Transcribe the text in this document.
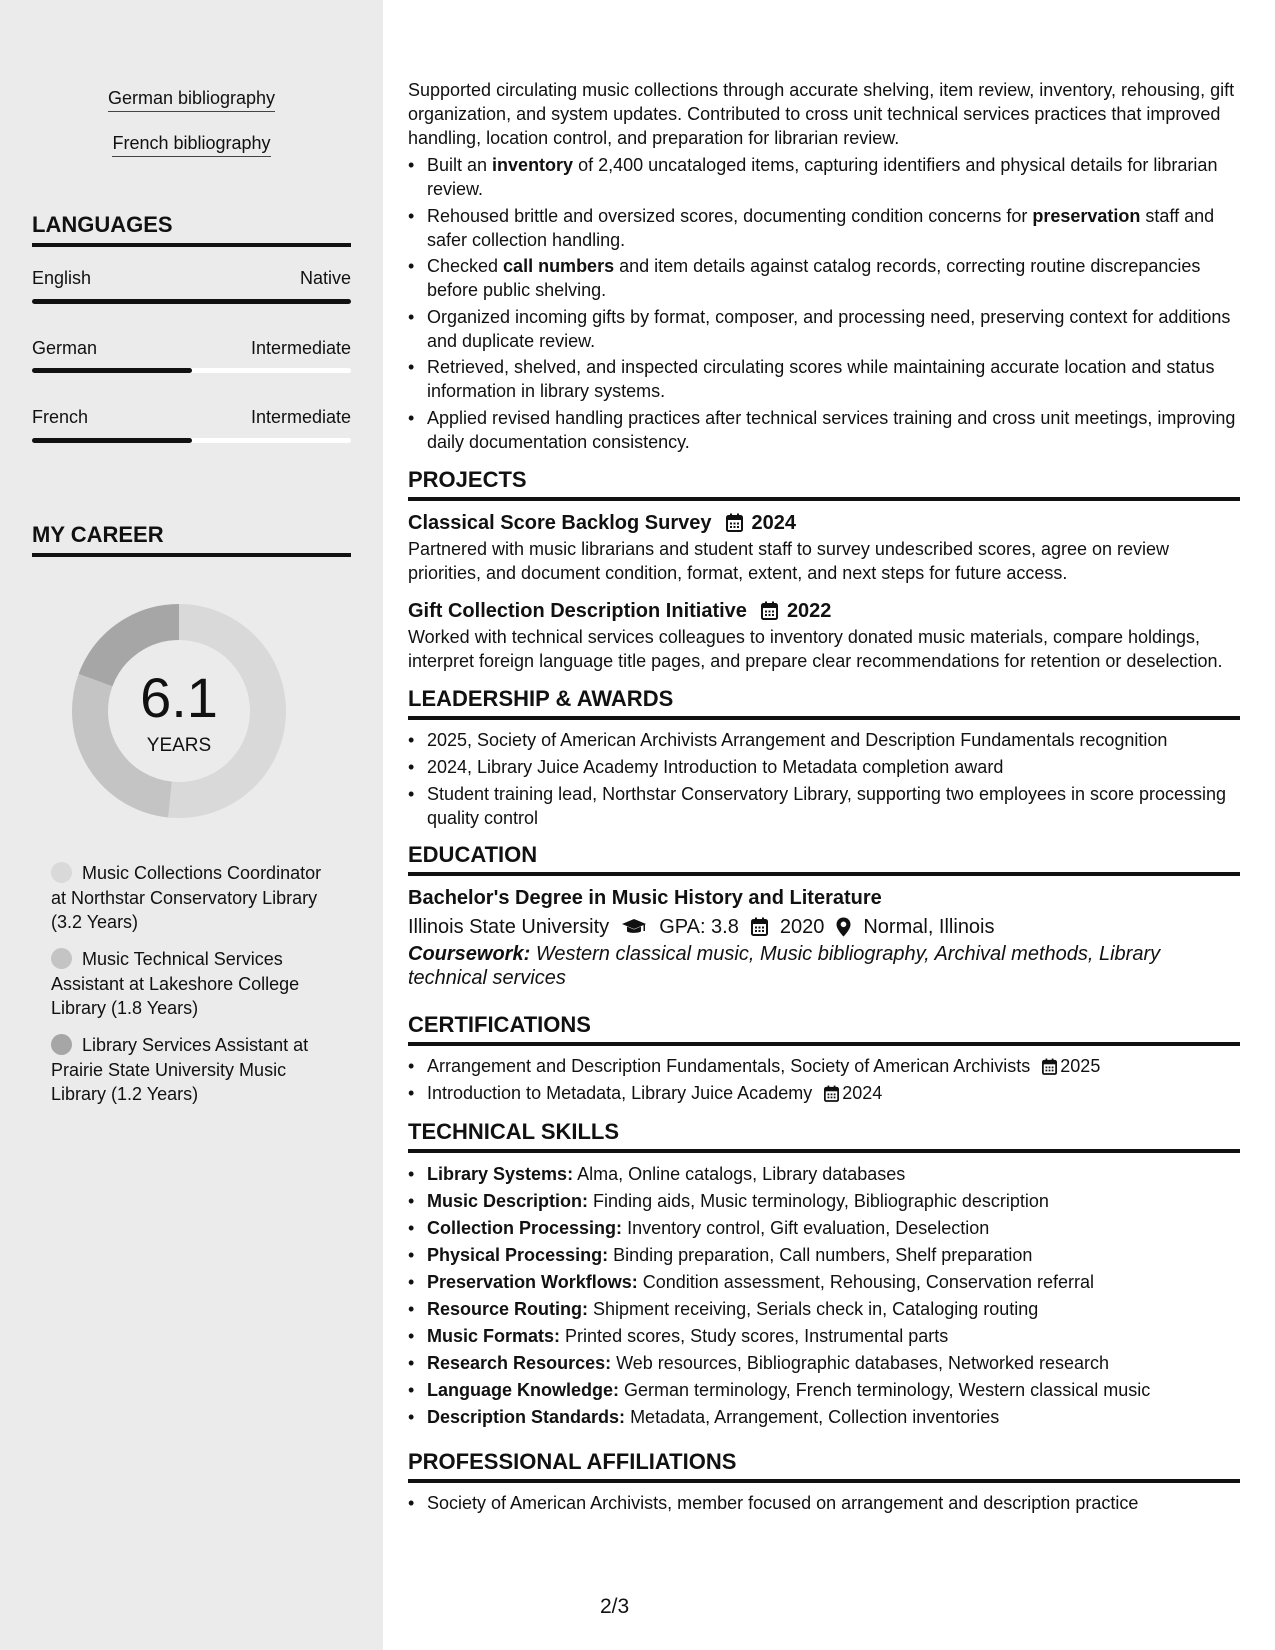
German bibliography
French bibliography
LANGUAGES
English	Native
German	Intermediate
French	Intermediate
MY CAREER
6.1
YEARS
Music Collections Coordinator at Northstar Conservatory Library (3.2 Years)
Music Technical Services Assistant at Lakeshore College Library (1.8 Years)
Library Services Assistant at Prairie State University Music Library (1.2 Years)

Supported circulating music collections through accurate shelving, item review, inventory, rehousing, gift organization, and system updates. Contributed to cross unit technical services practices that improved handling, location control, and preparation for librarian review.

• Built an inventory of 2,400 uncataloged items, capturing identifiers and physical details for librarian review.
• Rehoused brittle and oversized scores, documenting condition concerns for preservation staff and safer collection handling.
• Checked call numbers and item details against catalog records, correcting routine discrepancies before public shelving.
• Organized incoming gifts by format, composer, and processing need, preserving context for additions and duplicate review.
• Retrieved, shelved, and inspected circulating scores while maintaining accurate location and status information in library systems.
• Applied revised handling practices after technical services training and cross unit meetings, improving daily documentation consistency.
PROJECTS
Classical Score Backlog Survey 2024

Partnered with music librarians and student staff to survey undescribed scores, agree on review priorities, and document condition, format, extent, and next steps for future access.

Gift Collection Description Initiative 2022

Worked with technical services colleagues to inventory donated music materials, compare holdings, interpret foreign language title pages, and prepare clear recommendations for retention or deselection.

LEADERSHIP & AWARDS
• 2025, Society of American Archivists Arrangement and Description Fundamentals recognition
• 2024, Library Juice Academy Introduction to Metadata completion award
• Student training lead, Northstar Conservatory Library, supporting two employees in score processing quality control
EDUCATION
Bachelor's Degree in Music History and Literature
Illinois State University	GPA: 3.8 2020 Normal, Illinois

Coursework: Western classical music, Music bibliography, Archival methods, Library technical services

CERTIFICATIONS
• Arrangement and Description Fundamentals, Society of American Archivists 2025
• Introduction to Metadata, Library Juice Academy 2024
TECHNICAL SKILLS
• Library Systems: Alma, Online catalogs, Library databases
• Music Description: Finding aids, Music terminology, Bibliographic description
• Collection Processing: Inventory control, Gift evaluation, Deselection
• Physical Processing: Binding preparation, Call numbers, Shelf preparation
• Preservation Workflows: Condition assessment, Rehousing, Conservation referral
• Resource Routing: Shipment receiving, Serials check in, Cataloging routing
• Music Formats: Printed scores, Study scores, Instrumental parts
• Research Resources: Web resources, Bibliographic databases, Networked research
• Language Knowledge: German terminology, French terminology, Western classical music
• Description Standards: Metadata, Arrangement, Collection inventories
PROFESSIONAL AFFILIATIONS
• Society of American Archivists, member focused on arrangement and description practice
2/3
